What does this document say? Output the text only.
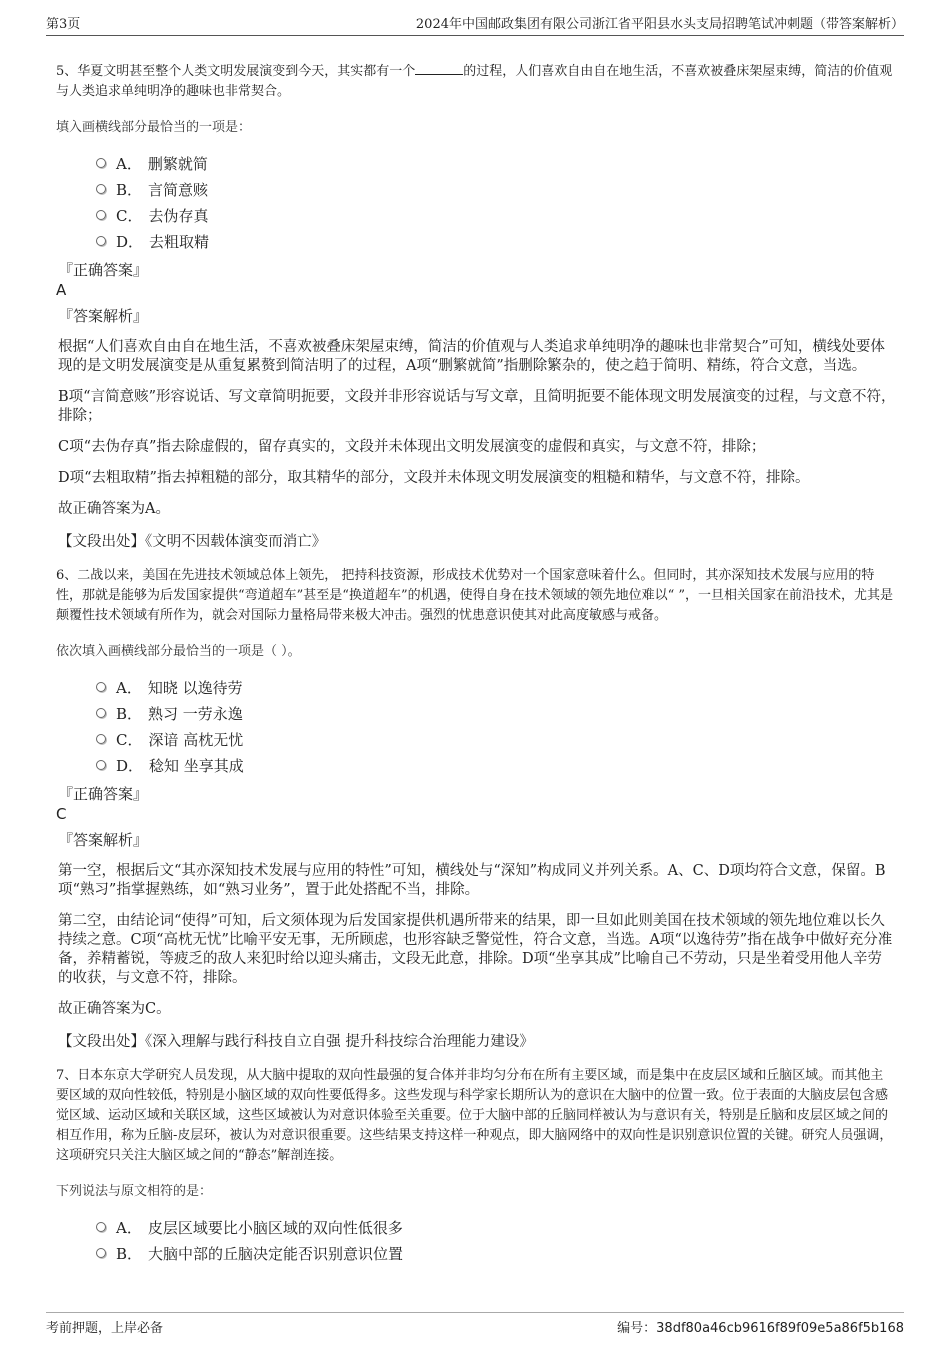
第3页	2024年中国邮政集团有限公司浙江省平阳县水头支局招聘笔试冲刺题（带答案解析）

5、华夏文明甚至整个人类文明发展演变到今天，其实都有一个	的过程，人们喜欢自由自在地生活，不喜欢被叠床架屋束缚，简洁的价值观与人类追求单纯明净的趣味也非常契合。

填入画横线部分最恰当的一项是：

A． 删繁就简
B． 言简意赅
C． 去伪存真
D． 去粗取精
『正确答案』
A
『答案解析』

根据“人们喜欢自由自在地生活，不喜欢被叠床架屋束缚，简洁的价值观与人类追求单纯明净的趣味也非常契合”可知，横线处要体现的是文明发展演变是从重复累赘到简洁明了的过程，A项“删繁就简”指删除繁杂的，使之趋于简明、精练，符合文意，当选。

B项“言简意赅”形容说话、写文章简明扼要，文段并非形容说话与写文章，且简明扼要不能体现文明发展演变的过程，与文意不符，排除；

C项“去伪存真”指去除虚假的，留存真实的，文段并未体现出文明发展演变的虚假和真实，与文意不符，排除；

D项“去粗取精”指去掉粗糙的部分，取其精华的部分，文段并未体现文明发展演变的粗糙和精华，与文意不符，排除。

故正确答案为A。

【文段出处】《文明不因载体演变而消亡》

6、二战以来，美国在先进技术领域总体上领先， 把持科技资源，形成技术优势对一个国家意味着什么。但同时，其亦深知技术发展与应用的特性，那就是能够为后发国家提供“弯道超车”甚至是“换道超车”的机遇，使得自身在技术领域的领先地位难以“ ”，一旦相关国家在前沿技术，尤其是颠覆性技术领域有所作为，就会对国际力量格局带来极大冲击。强烈的忧患意识使其对此高度敏感与戒备。

依次填入画横线部分最恰当的一项是（ ）。

A． 知晓 以逸待劳
B． 熟习 一劳永逸
C． 深谙 高枕无忧
D． 稔知 坐享其成
『正确答案』
C
『答案解析』

第一空，根据后文“其亦深知技术发展与应用的特性”可知，横线处与“深知”构成同义并列关系。A、C、D项均符合文意，保留。B项“熟习”指掌握熟练，如“熟习业务”，置于此处搭配不当，排除。

第二空，由结论词“使得”可知，后文须体现为后发国家提供机遇所带来的结果，即一旦如此则美国在技术领域的领先地位难以长久持续之意。C项“高枕无忧”比喻平安无事，无所顾虑，也形容缺乏警觉性，符合文意，当选。A项“以逸待劳”指在战争中做好充分准备，养精蓄锐，等疲乏的敌人来犯时给以迎头痛击，文段无此意，排除。D项“坐享其成”比喻自己不劳动，只是坐着受用他人辛劳的收获，与文意不符，排除。

故正确答案为C。

【文段出处】《深入理解与践行科技自立自强 提升科技综合治理能力建设》

7、日本东京大学研究人员发现，从大脑中提取的双向性最强的复合体并非均匀分布在所有主要区域，而是集中在皮层区域和丘脑区域。而其他主要区域的双向性较低，特别是小脑区域的双向性要低得多。这些发现与科学家长期所认为的意识在大脑中的位置一致。位于表面的大脑皮层包含感觉区域、运动区域和关联区域，这些区域被认为对意识体验至关重要。位于大脑中部的丘脑同样被认为与意识有关，特别是丘脑和皮层区域之间的相互作用，称为丘脑-皮层环，被认为对意识很重要。这些结果支持这样一种观点，即大脑网络中的双向性是识别意识位置的关键。研究人员强调，这项研究只关注大脑区域之间的“静态”解剖连接。

下列说法与原文相符的是：

A． 皮层区域要比小脑区域的双向性低很多
B． 大脑中部的丘脑决定能否识别意识位置
考前押题，上岸必备	编号：38df80a46cb9616f89f09e5a86f5b168
